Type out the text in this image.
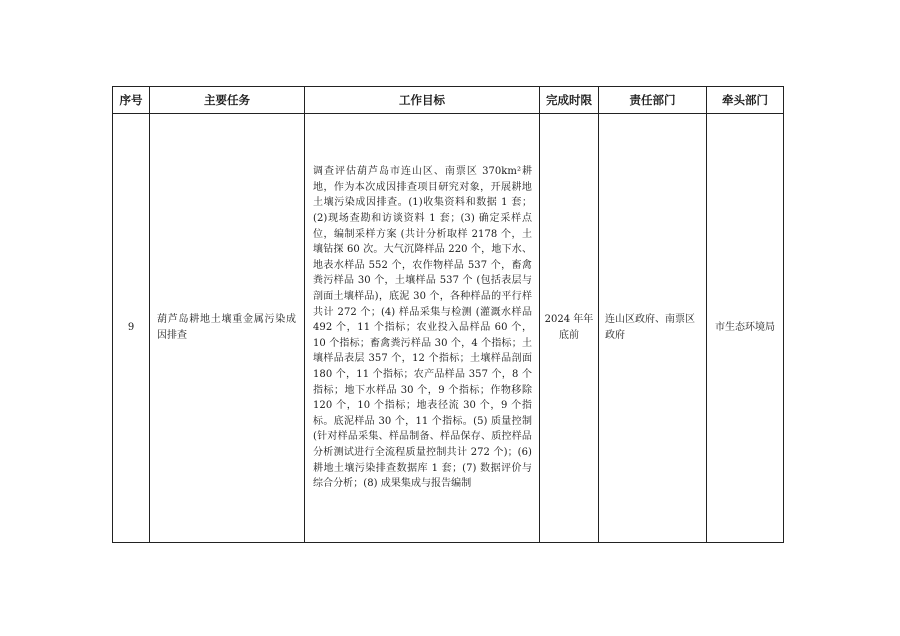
序号	主要任务	工作目标	完成时限	责任部门	牵头部门
9	葫芦岛耕地土壤重金属污染成因排查	调查评估葫芦岛市连山区、南票区 370km²耕地，作为本次成因排查项目研究对象，开展耕地土壤污染成因排查。(1)收集资料和数据 1 套；(2)现场查勘和访谈资料 1 套；(3) 确定采样点位，编制采样方案 (共计分析取样 2178 个，土壤钻探 60 次。大气沉降样品 220 个，地下水、地表水样品 552 个，农作物样品 537 个，畜禽粪污样品 30 个，土壤样品 537 个 (包括表层与剖面土壤样品)，底泥 30 个，各种样品的平行样共计 272 个；(4) 样品采集与检测 (灌溉水样品 492 个，11 个指标；农业投入品样品 60 个，10 个指标；畜禽粪污样品 30 个，4 个指标；土壤样品表层 357 个，12 个指标；土壤样品剖面 180 个，11 个指标；农产品样品 357 个，8 个指标；地下水样品 30 个，9 个指标；作物移除 120 个，10 个指标；地表径流 30 个，9 个指标。底泥样品 30 个，11 个指标。(5) 质量控制 (针对样品采集、样品制备、样品保存、质控样品分析测试进行全流程质量控制共计 272 个)；(6) 耕地土壤污染排查数据库 1 套；(7) 数据评价与综合分析；(8) 成果集成与报告编制	2024 年年底前	连山区政府、南票区政府	市生态环境局
